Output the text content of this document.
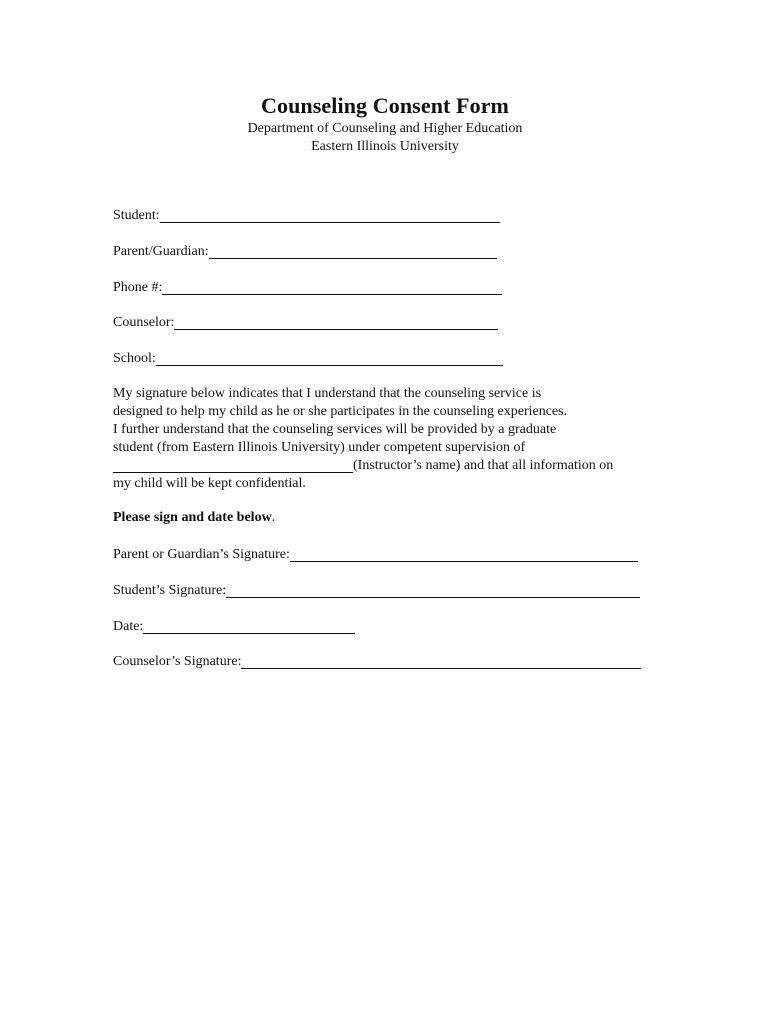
Counseling Consent Form
Department of Counseling and Higher Education
Eastern Illinois University
Student:
Parent/Guardian:
Phone #:
Counselor:
School:
My signature below indicates that I understand that the counseling service is
designed to help my child as he or she participates in the counseling experiences.
I further understand that the counseling services will be provided by a graduate
student (from Eastern Illinois University) under competent supervision of
(Instructor’s name) and that all information on
my child will be kept confidential.
Please sign and date below.
Parent or Guardian’s Signature:
Student’s Signature:
Date:
Counselor’s Signature:
